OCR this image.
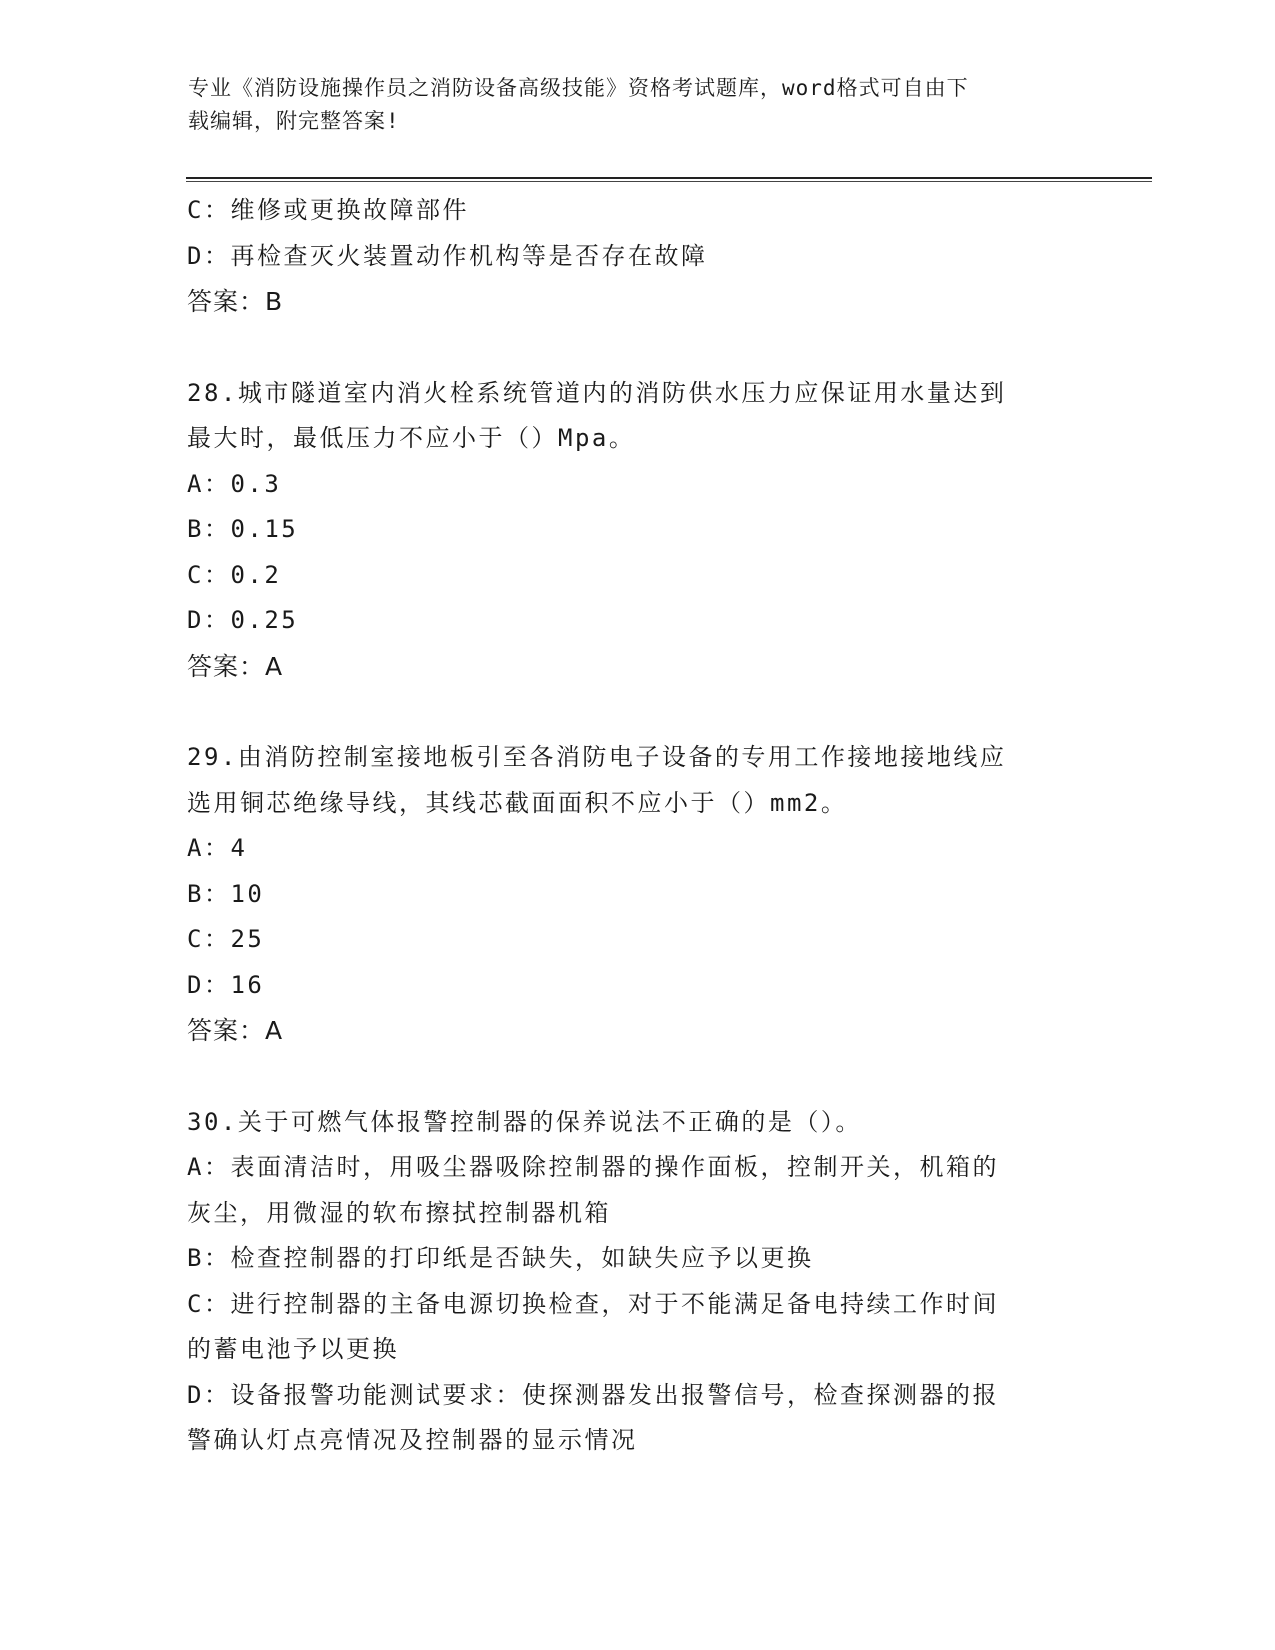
专业《消防设施操作员之消防设备高级技能》资格考试题库，word格式可自由下
载编辑，附完整答案!
C：维修或更换故障部件
D：再检查灭火装置动作机构等是否存在故障
答案：B
28.城市隧道室内消火栓系统管道内的消防供水压力应保证用水量达到
最大时，最低压力不应小于（）Mpa。
A：0.3
B：0.15
C：0.2
D：0.25
答案：A
29.由消防控制室接地板引至各消防电子设备的专用工作接地接地线应
选用铜芯绝缘导线，其线芯截面面积不应小于（）mm2。
A：4
B：10
C：25
D：16
答案：A
30.关于可燃气体报警控制器的保养说法不正确的是（）。
A：表面清洁时，用吸尘器吸除控制器的操作面板，控制开关，机箱的
灰尘，用微湿的软布擦拭控制器机箱
B：检查控制器的打印纸是否缺失，如缺失应予以更换
C：进行控制器的主备电源切换检查，对于不能满足备电持续工作时间
的蓄电池予以更换
D：设备报警功能测试要求：使探测器发出报警信号，检查探测器的报
警确认灯点亮情况及控制器的显示情况
